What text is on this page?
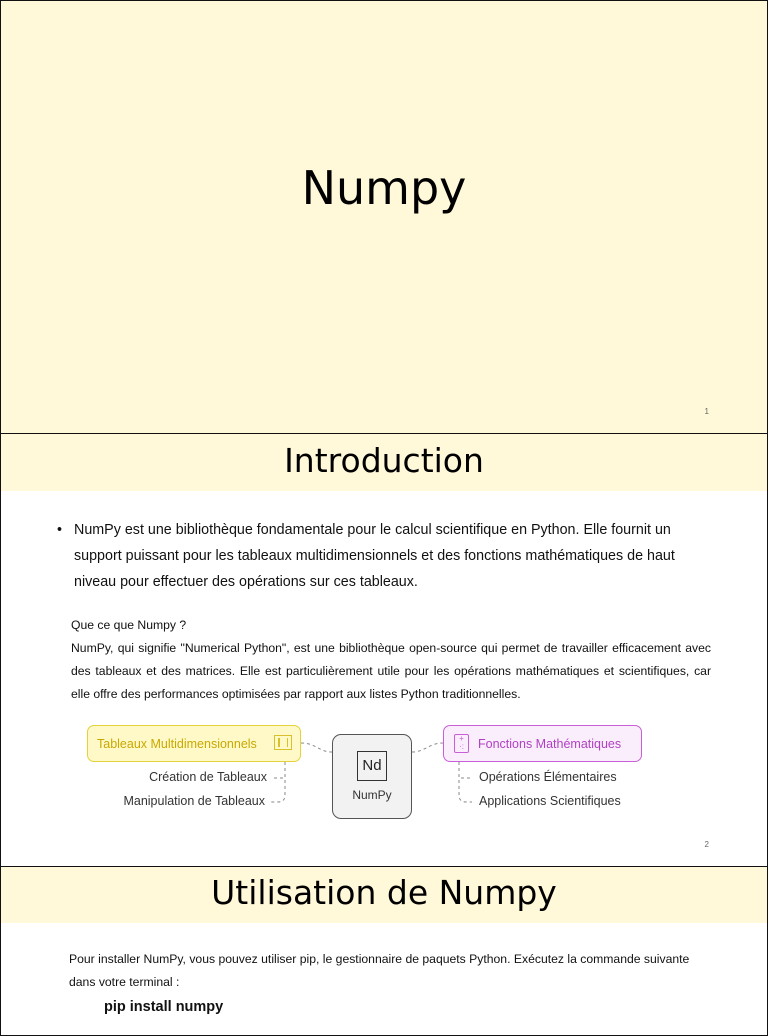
Numpy
1
Introduction
• NumPy est une bibliothèque fondamentale pour le calcul scientifique en Python. Elle fournit un support puissant pour les tableaux multidimensionnels et des fonctions mathématiques de haut niveau pour effectuer des opérations sur ces tableaux.

Que ce que Numpy ?

NumPy, qui signifie "Numerical Python", est une bibliothèque open-source qui permet de travailler efficacement avec des tableaux et des matrices. Elle est particulièrement utile pour les opérations mathématiques et scientifiques, car elle offre des performances optimisées par rapport aux listes Python traditionnelles.

Tableaux Multidimensionnels
Nd
NumPy
+
·:	Fonctions Mathématiques
Création de Tableaux
Manipulation de Tableaux
Opérations Élémentaires
Applications Scientifiques
2
Utilisation de Numpy
Pour installer NumPy, vous pouvez utiliser pip, le gestionnaire de paquets Python. Exécutez la commande suivante dans votre terminal :
pip install numpy
